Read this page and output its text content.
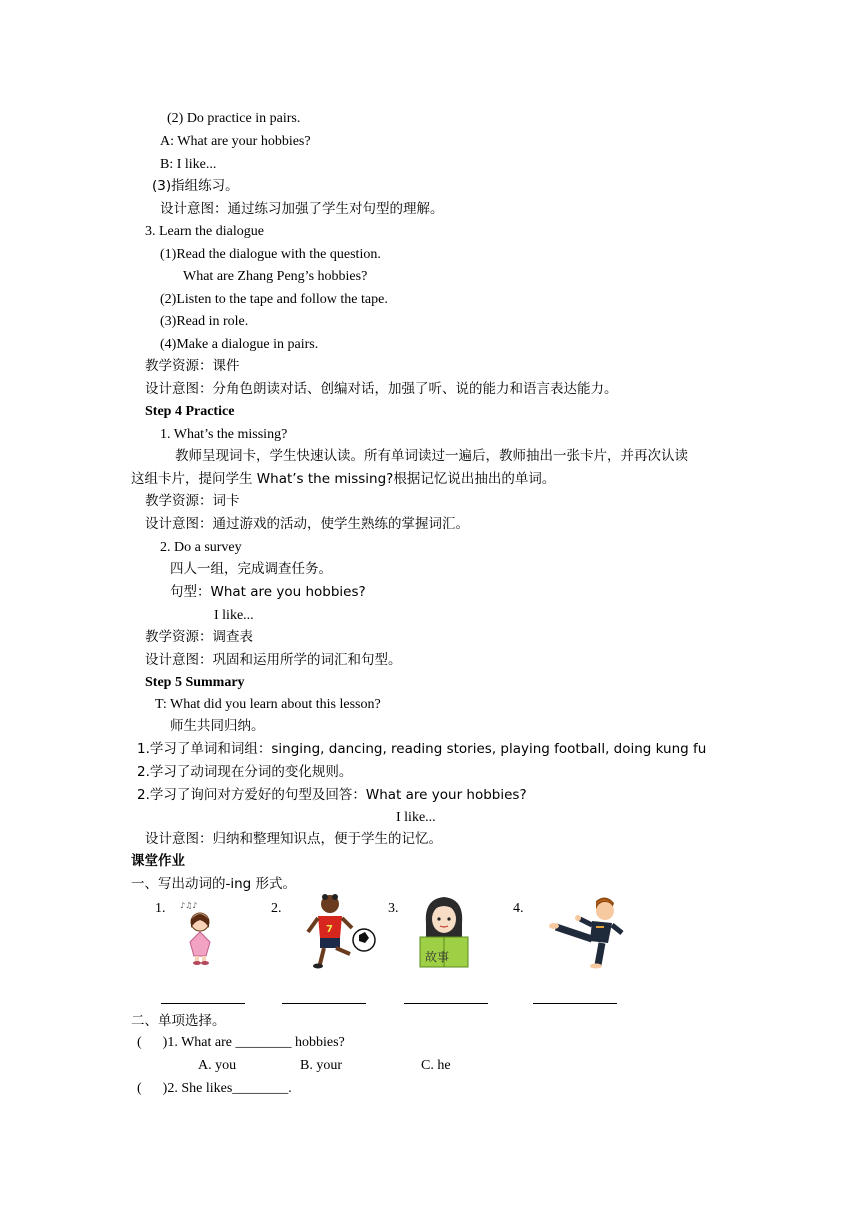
(2) Do practice in pairs.
A: What are your hobbies?
B: I like...
(3)指组练习。
设计意图：通过练习加强了学生对句型的理解。
3. Learn the dialogue
(1)Read the dialogue with the question.
What are Zhang Peng’s hobbies?
(2)Listen to the tape and follow the tape.
(3)Read in role.
(4)Make a dialogue in pairs.
教学资源：课件
设计意图：分角色朗读对话、创编对话，加强了听、说的能力和语言表达能力。
Step 4 Practice
1. What’s the missing?
教师呈现词卡，学生快速认读。所有单词读过一遍后，教师抽出一张卡片，并再次认读
这组卡片，提问学生 What’s the missing?根据记忆说出抽出的单词。
教学资源：词卡
设计意图：通过游戏的活动，使学生熟练的掌握词汇。
2. Do a survey
四人一组，完成调查任务。
句型：What are you hobbies?
I like...
教学资源：调查表
设计意图：巩固和运用所学的词汇和句型。
Step 5 Summary
T: What did you learn about this lesson?
师生共同归纳。
1.学习了单词和词组：singing, dancing, reading stories, playing football, doing kung fu
2.学习了动词现在分词的变化规则。
2.学习了询问对方爱好的句型及回答：What are your hobbies?
I like...
设计意图：归纳和整理知识点，便于学生的记忆。
课堂作业
一、写出动词的-ing 形式。
1.	2.	3.	4.
♪♫♪
7
故事
二、单项选择。
(      )1. What are ________ hobbies?
A. you	B. your	C. he
(      )2. She likes________.
